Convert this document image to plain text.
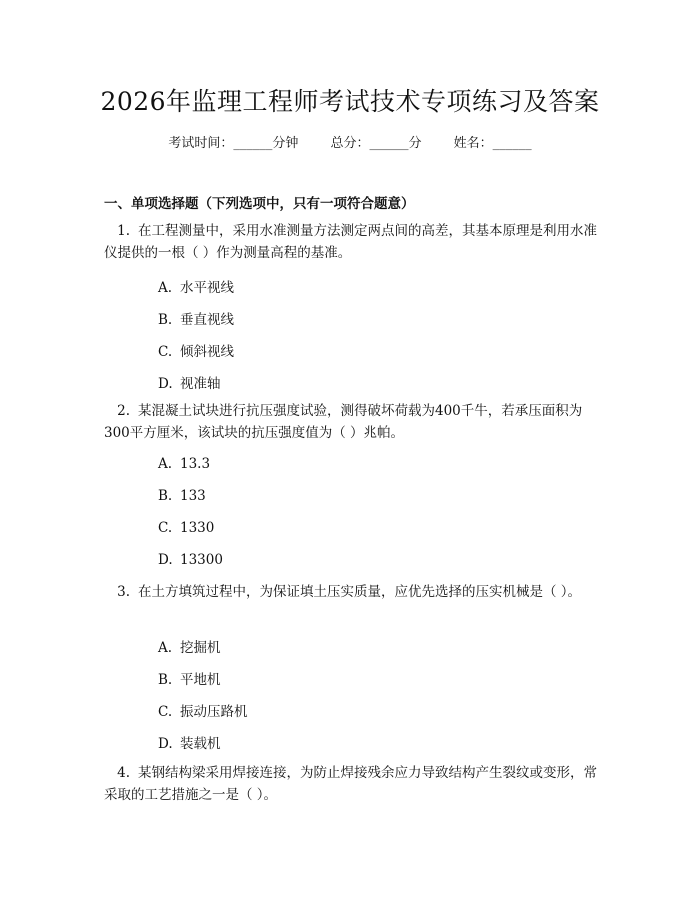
2026年监理工程师考试技术专项练习及答案
考试时间：______分钟 总分：______分 姓名：______
一、单项选择题（下列选项中，只有一项符合题意）
1. 在工程测量中，采用水准测量方法测定两点间的高差，其基本原理是利用水准仪提供的一根（ ）作为测量高程的基准。
A. 水平视线
B. 垂直视线
C. 倾斜视线
D. 视准轴
2. 某混凝土试块进行抗压强度试验，测得破坏荷载为400千牛，若承压面积为300平方厘米，该试块的抗压强度值为（ ）兆帕。
A. 13.3
B. 133
C. 1330
D. 13300
3. 在土方填筑过程中，为保证填土压实质量，应优先选择的压实机械是（ ）。
A. 挖掘机
B. 平地机
C. 振动压路机
D. 装载机
4. 某钢结构梁采用焊接连接，为防止焊接残余应力导致结构产生裂纹或变形，常采取的工艺措施之一是（ ）。
